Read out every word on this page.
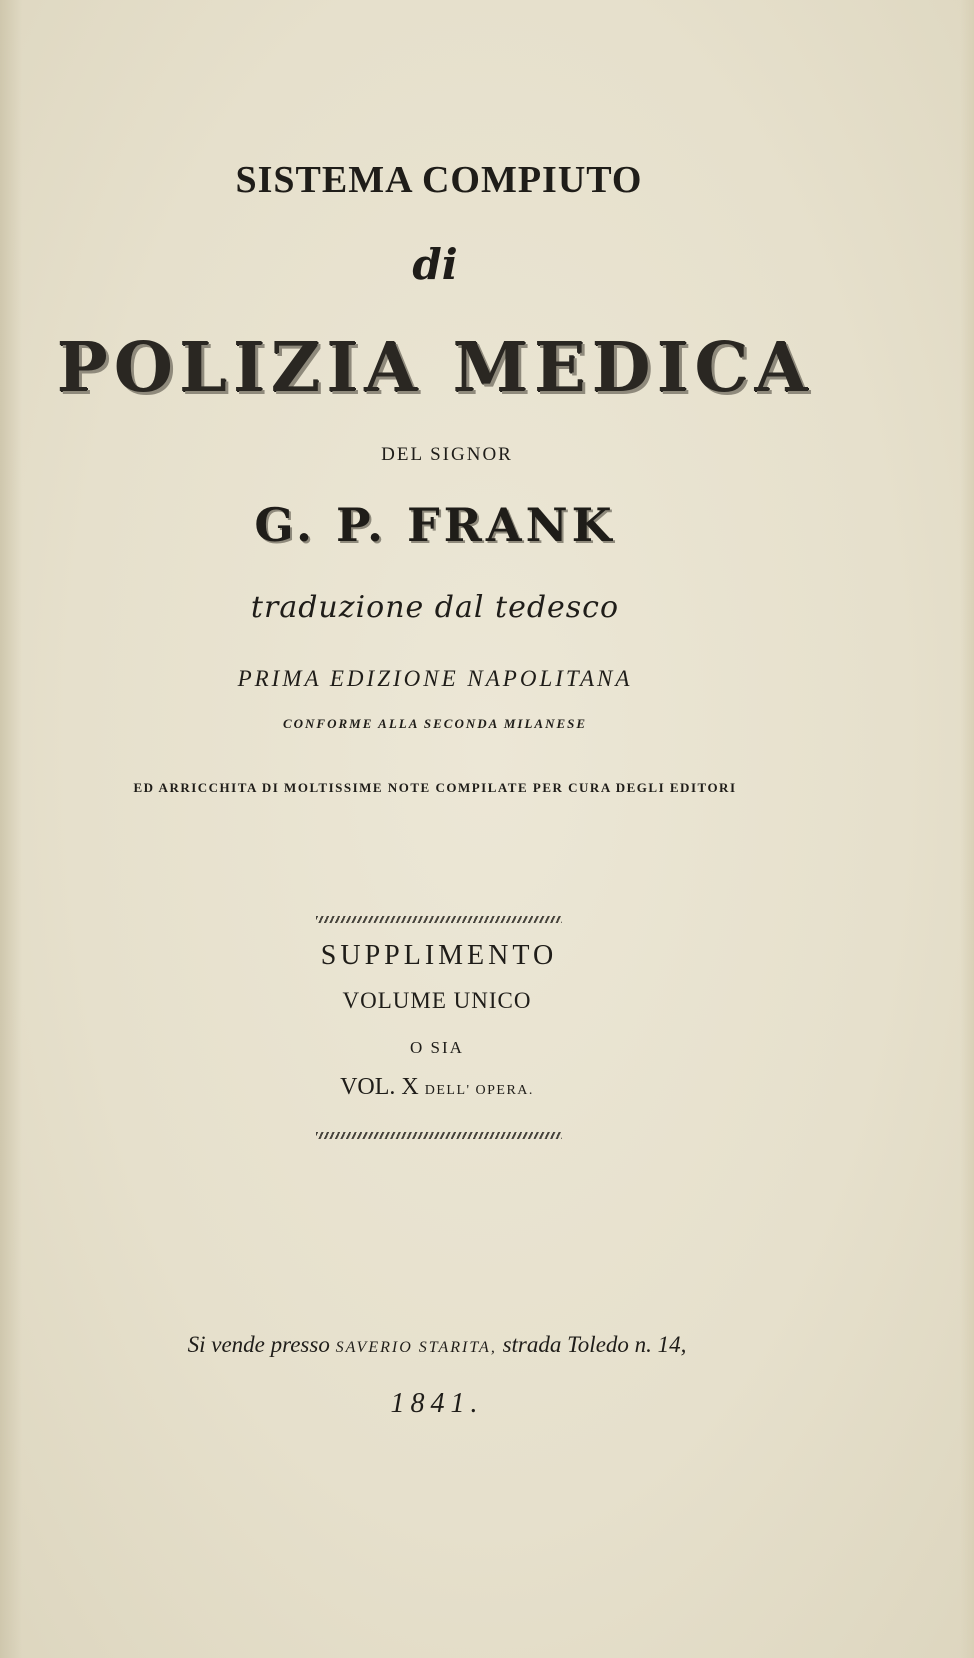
SISTEMA COMPIUTO
di
POLIZIA MEDICA
DEL SIGNOR
G. P. FRANK
traduzione dal tedesco
PRIMA EDIZIONE NAPOLITANA
CONFORME ALLA SECONDA MILANESE
ED ARRICCHITA DI MOLTISSIME NOTE COMPILATE PER CURA DEGLI EDITORI
SUPPLIMENTO
VOLUME UNICO
O SIA
VOL. X DELL' OPERA.
Si vende presso SAVERIO STARITA, strada Toledo n. 14,
1841.
